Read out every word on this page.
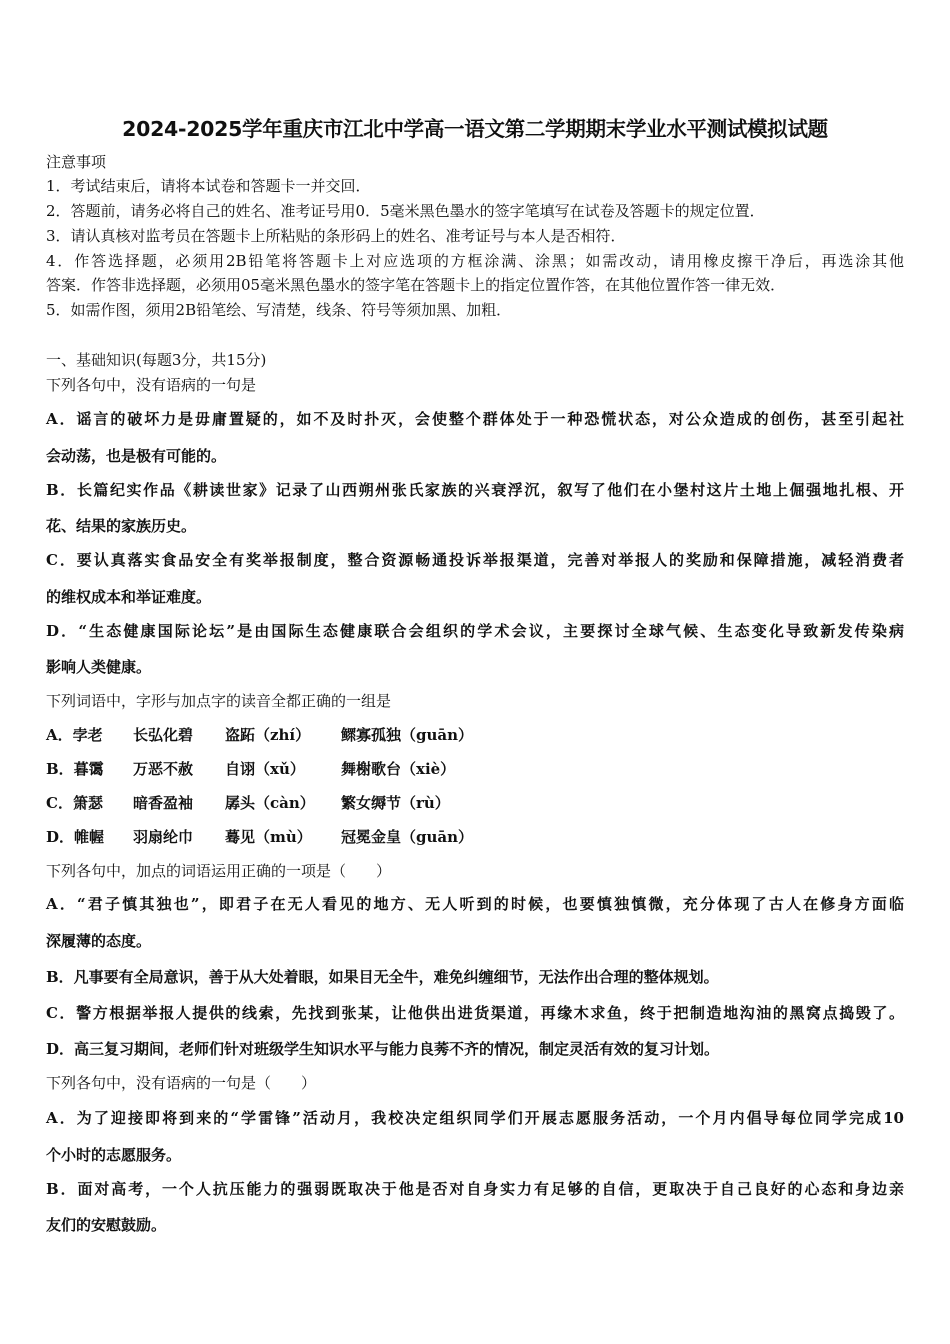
2024-2025学年重庆市江北中学高一语文第二学期期末学业水平测试模拟试题
注意事项
1．考试结束后，请将本试卷和答题卡一并交回．
2．答题前，请务必将自己的姓名、准考证号用0．5毫米黑色墨水的签字笔填写在试卷及答题卡的规定位置．
3．请认真核对监考员在答题卡上所粘贴的条形码上的姓名、准考证号与本人是否相符．
4．作答选择题，必须用2B铅笔将答题卡上对应选项的方框涂满、涂黑；如需改动，请用橡皮擦干净后，再选涂其他
答案．作答非选择题，必须用05毫米黑色墨水的签字笔在答题卡上的指定位置作答，在其他位置作答一律无效．
5．如需作图，须用2B铅笔绘、写清楚，线条、符号等须加黑、加粗．
一、基础知识(每题3分，共15分)
下列各句中，没有语病的一句是
A．谣言的破坏力是毋庸置疑的，如不及时扑灭，会使整个群体处于一种恐慌状态，对公众造成的创伤，甚至引起社
会动荡，也是极有可能的。
B．长篇纪实作品《耕读世家》记录了山西朔州张氏家族的兴衰浮沉，叙写了他们在小堡村这片土地上倔强地扎根、开
花、结果的家族历史。
C．要认真落实食品安全有奖举报制度，整合资源畅通投诉举报渠道，完善对举报人的奖励和保障措施，减轻消费者
的维权成本和举证难度。
D．“生态健康国际论坛”是由国际生态健康联合会组织的学术会议，主要探讨全球气候、生态变化导致新发传染病
影响人类健康。
下列词语中，字形与加点字的读音全都正确的一组是
A．孛老 长弘化碧 盗跖（zhí） 鳏寡孤独（guān）
B．暮霭 万恶不赦 自诩（xǔ） 舞榭歌台（xiè）
C．箫瑟 暗香盈袖 孱头（càn） 繁女缛节（rù）
D．帷幄 羽扇纶巾 蓦见（mù） 冠冕金皇（guān）
下列各句中，加点的词语运用正确的一项是（　　）
A．“君子慎其独也”，即君子在无人看见的地方、无人听到的时候，也要慎独慎微，充分体现了古人在修身方面临
深履薄的态度。
B．凡事要有全局意识，善于从大处着眼，如果目无全牛，难免纠缠细节，无法作出合理的整体规划。
C．警方根据举报人提供的线索，先找到张某，让他供出进货渠道，再缘木求鱼，终于把制造地沟油的黑窝点捣毁了。
D．高三复习期间，老师们针对班级学生知识水平与能力良莠不齐的情况，制定灵活有效的复习计划。
下列各句中，没有语病的一句是（　　）
A．为了迎接即将到来的“学雷锋”活动月，我校决定组织同学们开展志愿服务活动，一个月内倡导每位同学完成10
个小时的志愿服务。
B．面对高考，一个人抗压能力的强弱既取决于他是否对自身实力有足够的自信，更取决于自己良好的心态和身边亲
友们的安慰鼓励。
